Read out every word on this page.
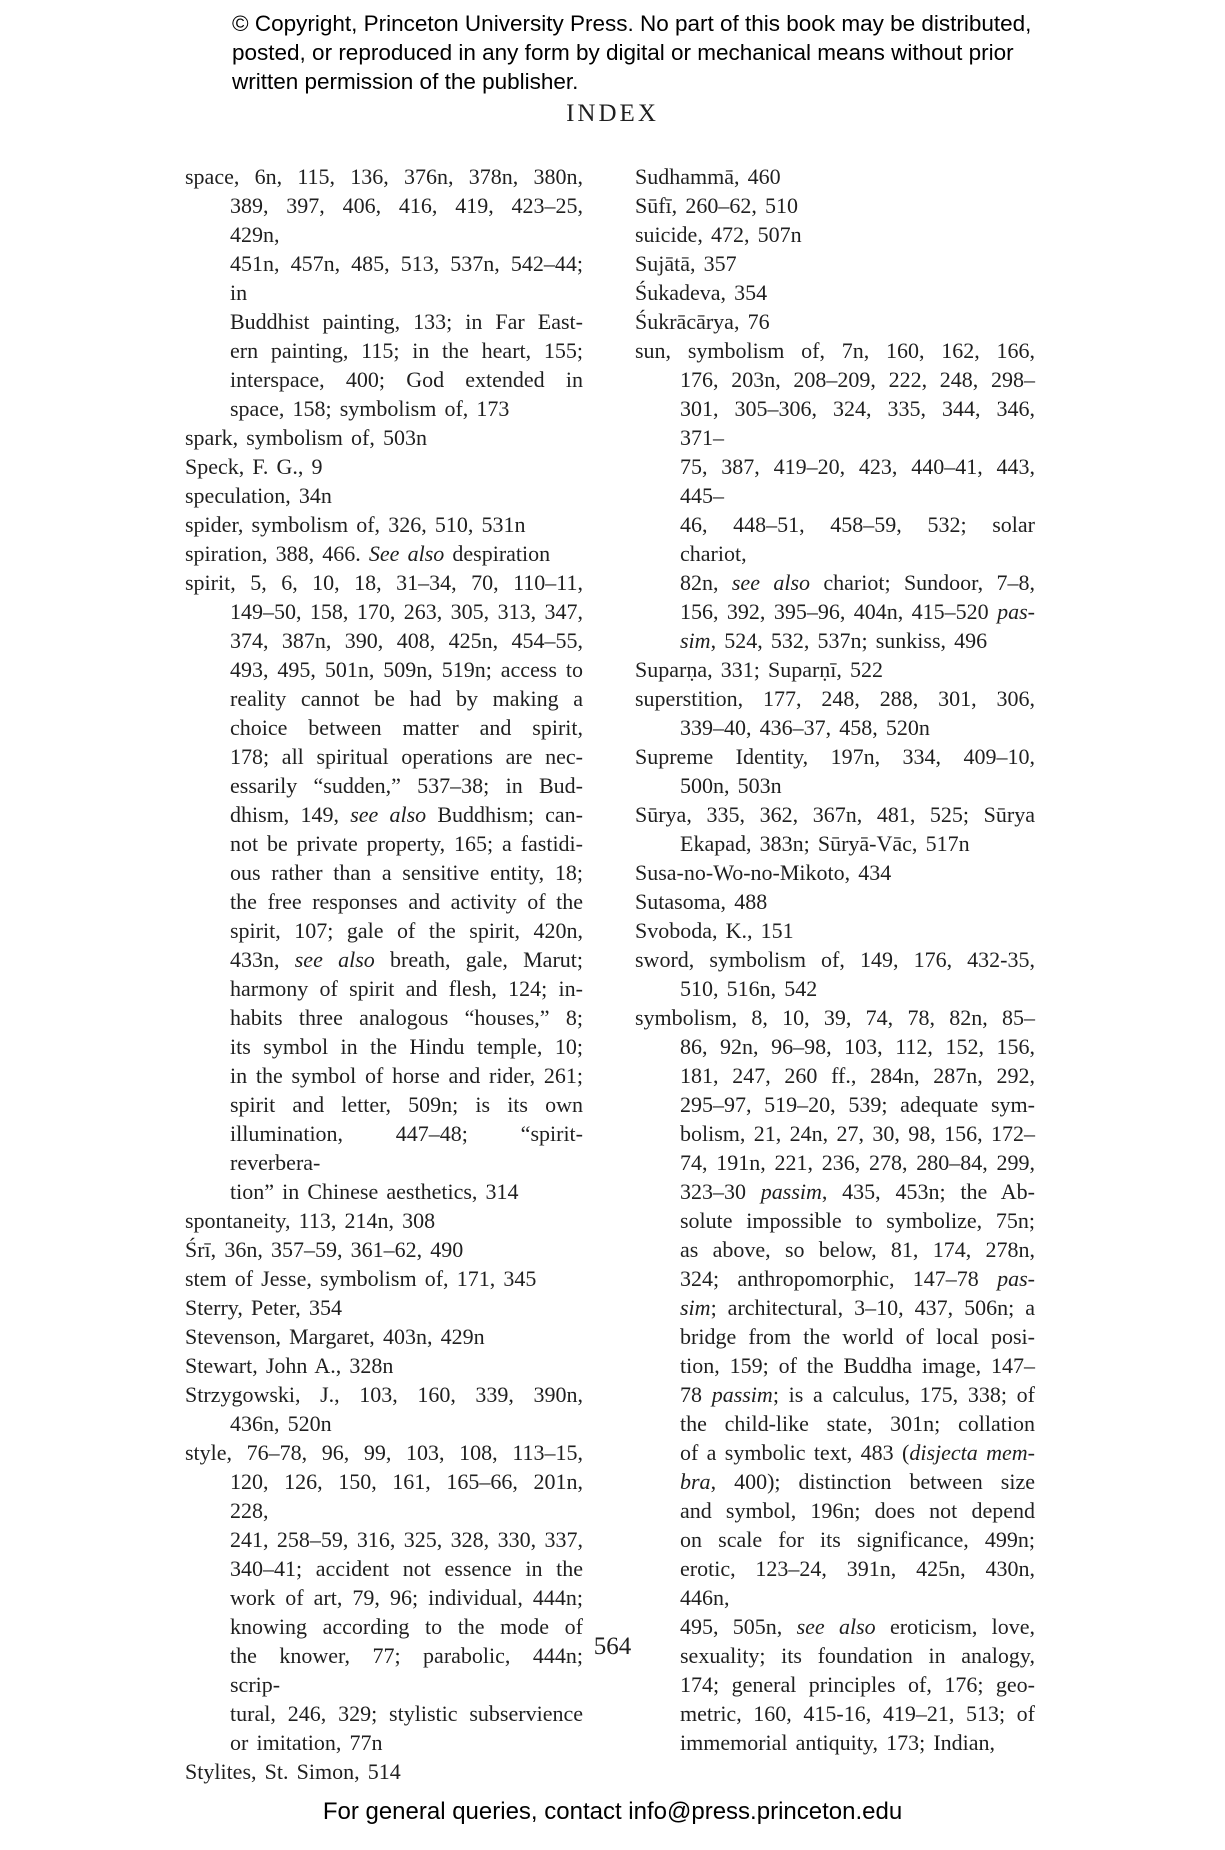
© Copyright, Princeton University Press. No part of this book may be distributed, posted, or reproduced in any form by digital or mechanical means without prior written permission of the publisher.
INDEX
space, 6n, 115, 136, 376n, 378n, 380n,
389, 397, 406, 416, 419, 423–25, 429n,
451n, 457n, 485, 513, 537n, 542–44; in
Buddhist painting, 133; in Far East-
ern painting, 115; in the heart, 155;
interspace, 400; God extended in
space, 158; symbolism of, 173
spark, symbolism of, 503n
Speck, F. G., 9
speculation, 34n
spider, symbolism of, 326, 510, 531n
spiration, 388, 466. See also despiration
spirit, 5, 6, 10, 18, 31–34, 70, 110–11,
149–50, 158, 170, 263, 305, 313, 347,
374, 387n, 390, 408, 425n, 454–55,
493, 495, 501n, 509n, 519n; access to
reality cannot be had by making a
choice between matter and spirit,
178; all spiritual operations are nec-
essarily “sudden,” 537–38; in Bud-
dhism, 149, see also Buddhism; can-
not be private property, 165; a fastidi-
ous rather than a sensitive entity, 18;
the free responses and activity of the
spirit, 107; gale of the spirit, 420n,
433n, see also breath, gale, Marut;
harmony of spirit and flesh, 124; in-
habits three analogous “houses,” 8;
its symbol in the Hindu temple, 10;
in the symbol of horse and rider, 261;
spirit and letter, 509n; is its own
illumination, 447–48; “spirit-reverbera-
tion” in Chinese aesthetics, 314
spontaneity, 113, 214n, 308
Śrī, 36n, 357–59, 361–62, 490
stem of Jesse, symbolism of, 171, 345
Sterry, Peter, 354
Stevenson, Margaret, 403n, 429n
Stewart, John A., 328n
Strzygowski, J., 103, 160, 339, 390n,
436n, 520n
style, 76–78, 96, 99, 103, 108, 113–15,
120, 126, 150, 161, 165–66, 201n, 228,
241, 258–59, 316, 325, 328, 330, 337,
340–41; accident not essence in the
work of art, 79, 96; individual, 444n;
knowing according to the mode of
the knower, 77; parabolic, 444n; scrip-
tural, 246, 329; stylistic subservience
or imitation, 77n
Stylites, St. Simon, 514
Sudhammā, 460
Sūfī, 260–62, 510
suicide, 472, 507n
Sujātā, 357
Śukadeva, 354
Śukrācārya, 76
sun, symbolism of, 7n, 160, 162, 166,
176, 203n, 208–209, 222, 248, 298–
301, 305–306, 324, 335, 344, 346, 371–
75, 387, 419–20, 423, 440–41, 443, 445–
46, 448–51, 458–59, 532; solar chariot,
82n, see also chariot; Sundoor, 7–8,
156, 392, 395–96, 404n, 415–520 pas-
sim, 524, 532, 537n; sunkiss, 496
Suparṇa, 331; Suparṇī, 522
superstition, 177, 248, 288, 301, 306,
339–40, 436–37, 458, 520n
Supreme Identity, 197n, 334, 409–10,
500n, 503n
Sūrya, 335, 362, 367n, 481, 525; Sūrya
Ekapad, 383n; Sūryā-Vāc, 517n
Susa-no-Wo-no-Mikoto, 434
Sutasoma, 488
Svoboda, K., 151
sword, symbolism of, 149, 176, 432-35,
510, 516n, 542
symbolism, 8, 10, 39, 74, 78, 82n, 85–
86, 92n, 96–98, 103, 112, 152, 156,
181, 247, 260 ff., 284n, 287n, 292,
295–97, 519–20, 539; adequate sym-
bolism, 21, 24n, 27, 30, 98, 156, 172–
74, 191n, 221, 236, 278, 280–84, 299,
323–30 passim, 435, 453n; the Ab-
solute impossible to symbolize, 75n;
as above, so below, 81, 174, 278n,
324; anthropomorphic, 147–78 pas-
sim; architectural, 3–10, 437, 506n; a
bridge from the world of local posi-
tion, 159; of the Buddha image, 147–
78 passim; is a calculus, 175, 338; of
the child-like state, 301n; collation
of a symbolic text, 483 (disjecta mem-
bra, 400); distinction between size
and symbol, 196n; does not depend
on scale for its significance, 499n;
erotic, 123–24, 391n, 425n, 430n, 446n,
495, 505n, see also eroticism, love,
sexuality; its foundation in analogy,
174; general principles of, 176; geo-
metric, 160, 415-16, 419–21, 513; of
immemorial antiquity, 173; Indian,
564
For general queries, contact info@press.princeton.edu
